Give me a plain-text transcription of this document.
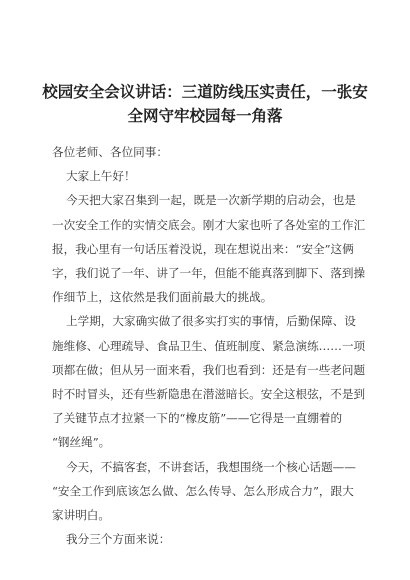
校园安全会议讲话：三道防线压实责任，一张安
全网守牢校园每一角落

各位老师、各位同事：

大家上午好！

今天把大家召集到一起，既是一次新学期的启动会，也是
一次安全工作的实情交底会。刚才大家也听了各处室的工作汇
报，我心里有一句话压着没说，现在想说出来：“安全”这俩
字，我们说了一年、讲了一年，但能不能真落到脚下、落到操
作细节上，这依然是我们面前最大的挑战。

上学期，大家确实做了很多实打实的事情，后勤保障、设
施维修、心理疏导、食品卫生、值班制度、紧急演练……一项
项都在做；但从另一面来看，我们也看到：还是有一些老问题
时不时冒头，还有些新隐患在潜滋暗长。安全这根弦，不是到
了关键节点才拉紧一下的“橡皮筋”——它得是一直绷着的
“钢丝绳”。

今天，不搞客套，不讲套话，我想围绕一个核心话题——
“安全工作到底该怎么做、怎么传导、怎么形成合力”，跟大
家讲明白。

我分三个方面来说：
